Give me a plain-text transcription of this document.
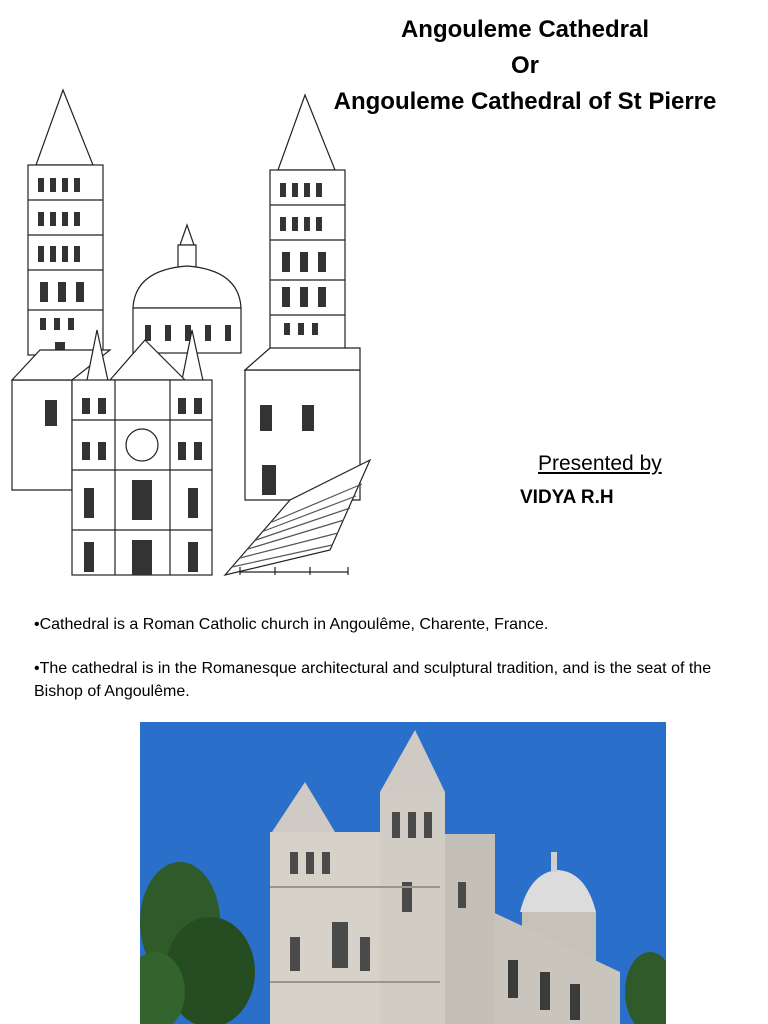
Angouleme Cathedral
Or
Angouleme Cathedral of St Pierre
Presented by
VIDYA R.H
•Cathedral is a Roman Catholic church in Angoulême, Charente, France.
•The cathedral is in the Romanesque architectural and sculptural tradition, and is the seat of the Bishop of Angoulême.
